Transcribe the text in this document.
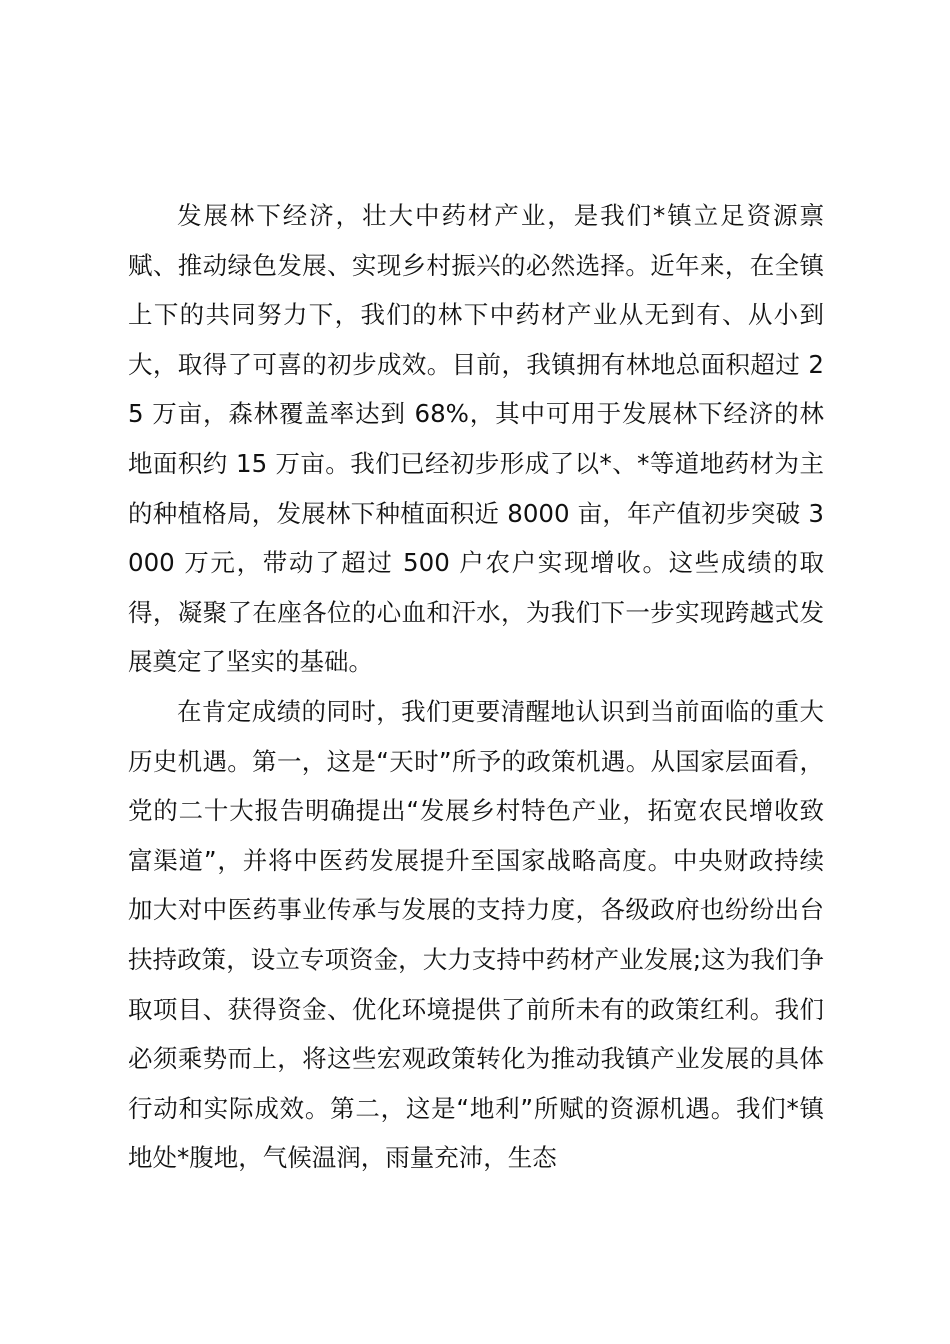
发展林下经济，壮大中药材产业，是我们*镇立足资源禀赋、推动绿色发展、实现乡村振兴的必然选择。近年来，在全镇上下的共同努力下，我们的林下中药材产业从无到有、从小到大，取得了可喜的初步成效。目前，我镇拥有林地总面积超过 25 万亩，森林覆盖率达到 68%，其中可用于发展林下经济的林地面积约 15 万亩。我们已经初步形成了以*、*等道地药材为主的种植格局，发展林下种植面积近 8000 亩，年产值初步突破 3000 万元，带动了超过 500 户农户实现增收。这些成绩的取得，凝聚了在座各位的心血和汗水，为我们下一步实现跨越式发展奠定了坚实的基础。

在肯定成绩的同时，我们更要清醒地认识到当前面临的重大历史机遇。第一，这是“天时”所予的政策机遇。从国家层面看，党的二十大报告明确提出“发展乡村特色产业，拓宽农民增收致富渠道”，并将中医药发展提升至国家战略高度。中央财政持续加大对中医药事业传承与发展的支持力度，各级政府也纷纷出台扶持政策，设立专项资金，大力支持中药材产业发展;这为我们争取项目、获得资金、优化环境提供了前所未有的政策红利。我们必须乘势而上，将这些宏观政策转化为推动我镇产业发展的具体行动和实际成效。第二，这是“地利”所赋的资源机遇。我们*镇地处*腹地，气候温润，雨量充沛，生态
